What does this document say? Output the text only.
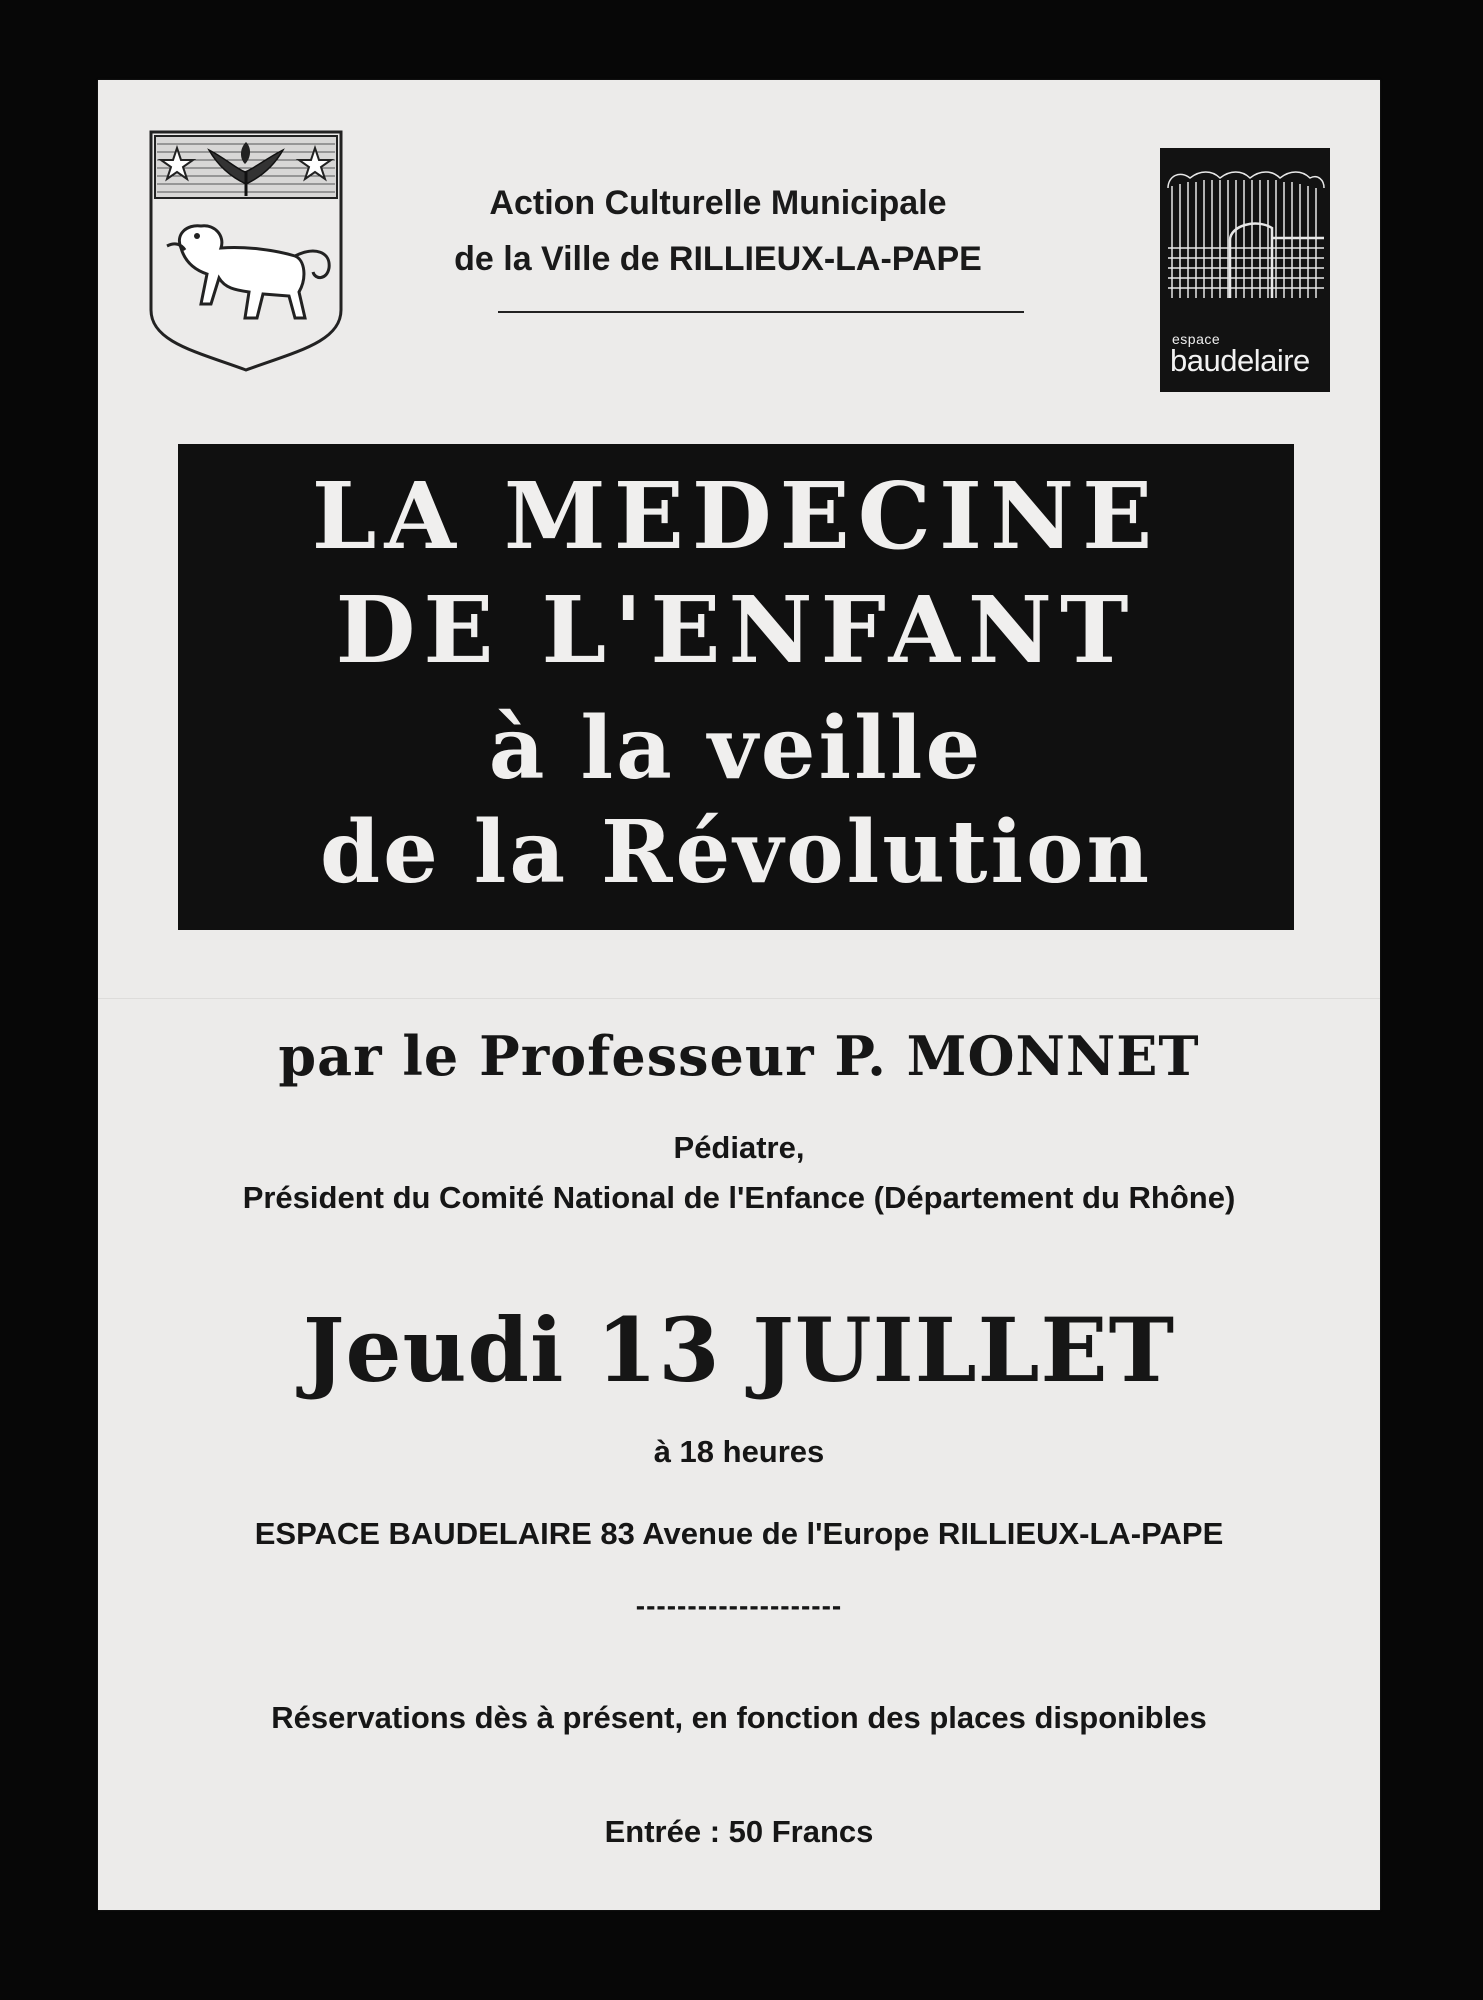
Action Culturelle Municipale
de la Ville de RILLIEUX-LA-PAPE
espace
baudelaire
LA MEDECINE
DE L'ENFANT
à la veille
de la Révolution
par le Professeur P. MONNET
Pédiatre,
Président du Comité National de l'Enfance (Département du Rhône)
Jeudi 13 JUILLET
à 18 heures
ESPACE BAUDELAIRE 83 Avenue de l'Europe RILLIEUX-LA-PAPE
--------------------
Réservations dès à présent, en fonction des places disponibles
Entrée : 50 Francs
